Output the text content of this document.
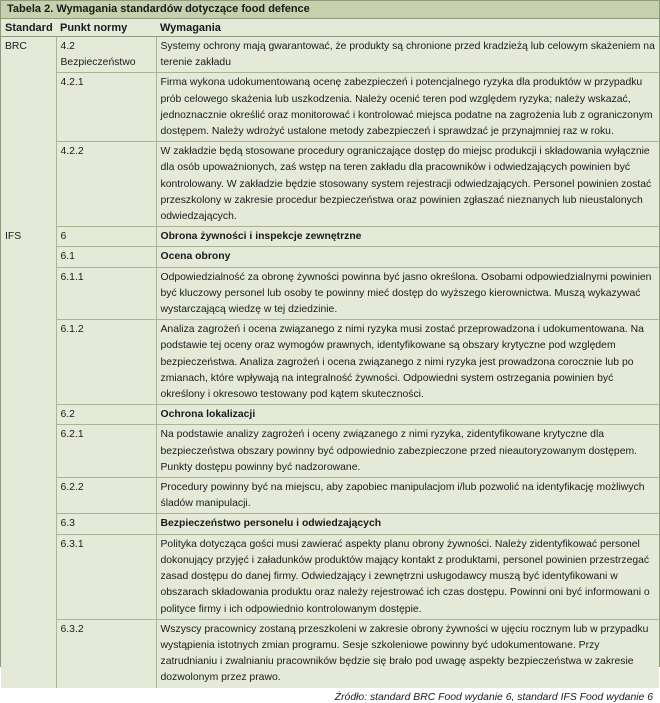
Tabela 2. Wymagania standardów dotyczące food defence
Standard	Punkt normy	Wymagania
BRC	4.2 Bezpieczeństwo	Systemy ochrony mają gwarantować, że produkty są chronione przed kradzieżą lub celowym skażeniem na terenie zakładu
	4.2.1	Firma wykona udokumentowaną ocenę zabezpieczeń i potencjalnego ryzyka dla produktów w przypadku prób celowego skażenia lub uszkodzenia. Należy ocenić teren pod względem ryzyka; należy wskazać, jednoznacznie określić oraz monitorować i kontrolować miejsca podatne na zagrożenia lub z ograniczonym dostępem. Należy wdrożyć ustalone metody zabezpieczeń i sprawdzać je przynajmniej raz w roku.
	4.2.2	W zakładzie będą stosowane procedury ograniczające dostęp do miejsc produkcji i składowania wyłącznie dla osób upoważnionych, zaś wstęp na teren zakładu dla pracowników i odwiedzających powinien być kontrolowany. W zakładzie będzie stosowany system rejestracji odwiedzających. Personel powinien zostać przeszkolony w zakresie procedur bezpieczeństwa oraz powinien zgłaszać nieznanych lub nieustalonych odwiedzających.
IFS	6	Obrona żywności i inspekcje zewnętrzne
	6.1	Ocena obrony
	6.1.1	Odpowiedzialność za obronę żywności powinna być jasno określona. Osobami odpowiedzialnymi powinien być kluczowy personel lub osoby te powinny mieć dostęp do wyższego kierownictwa. Muszą wykazywać wystarczającą wiedzę w tej dziedzinie.
	6.1.2	Analiza zagrożeń i ocena związanego z nimi ryzyka musi zostać przeprowadzona i udokumentowana. Na podstawie tej oceny oraz wymogów prawnych, identyfikowane są obszary krytyczne pod względem bezpieczeństwa. Analiza zagrożeń i ocena związanego z nimi ryzyka jest prowadzona corocznie lub po zmianach, które wpływają na integralność żywności. Odpowiedni system ostrzegania powinien być określony i okresowo testowany pod kątem skuteczności.
	6.2	Ochrona lokalizacji
	6.2.1	Na podstawie analizy zagrożeń i oceny związanego z nimi ryzyka, zidentyfikowane krytyczne dla bezpieczeństwa obszary powinny być odpowiednio zabezpieczone przed nieautoryzowanym dostępem. Punkty dostępu powinny być nadzorowane.
	6.2.2	Procedury powinny być na miejscu, aby zapobiec manipulacjom i/lub pozwolić na identyfikację możliwych śladów manipulacji.
	6.3	Bezpieczeństwo personelu i odwiedzających
	6.3.1	Polityka dotycząca gości musi zawierać aspekty planu obrony żywności. Należy zidentyfikować personel dokonujący przyjęć i załadunków produktów mający kontakt z produktami, personel powinien przestrzegać zasad dostępu do danej firmy. Odwiedzający i zewnętrzni usługodawcy muszą być identyfikowani w obszarach składowania produktu oraz należy rejestrować ich czas dostępu. Powinni oni być informowani o polityce firmy i ich odpowiednio kontrolowanym dostępie.
	6.3.2	Wszyscy pracownicy zostaną przeszkoleni w zakresie obrony żywności w ujęciu rocznym lub w przypadku wystąpienia istotnych zmian programu. Sesje szkoleniowe powinny być udokumentowane. Przy zatrudnianiu i zwalnianiu pracowników będzie się brało pod uwagę aspekty bezpieczeństwa w zakresie dozwolonym przez prawo.
Źródło: standard BRC Food wydanie 6, standard IFS Food wydanie 6
